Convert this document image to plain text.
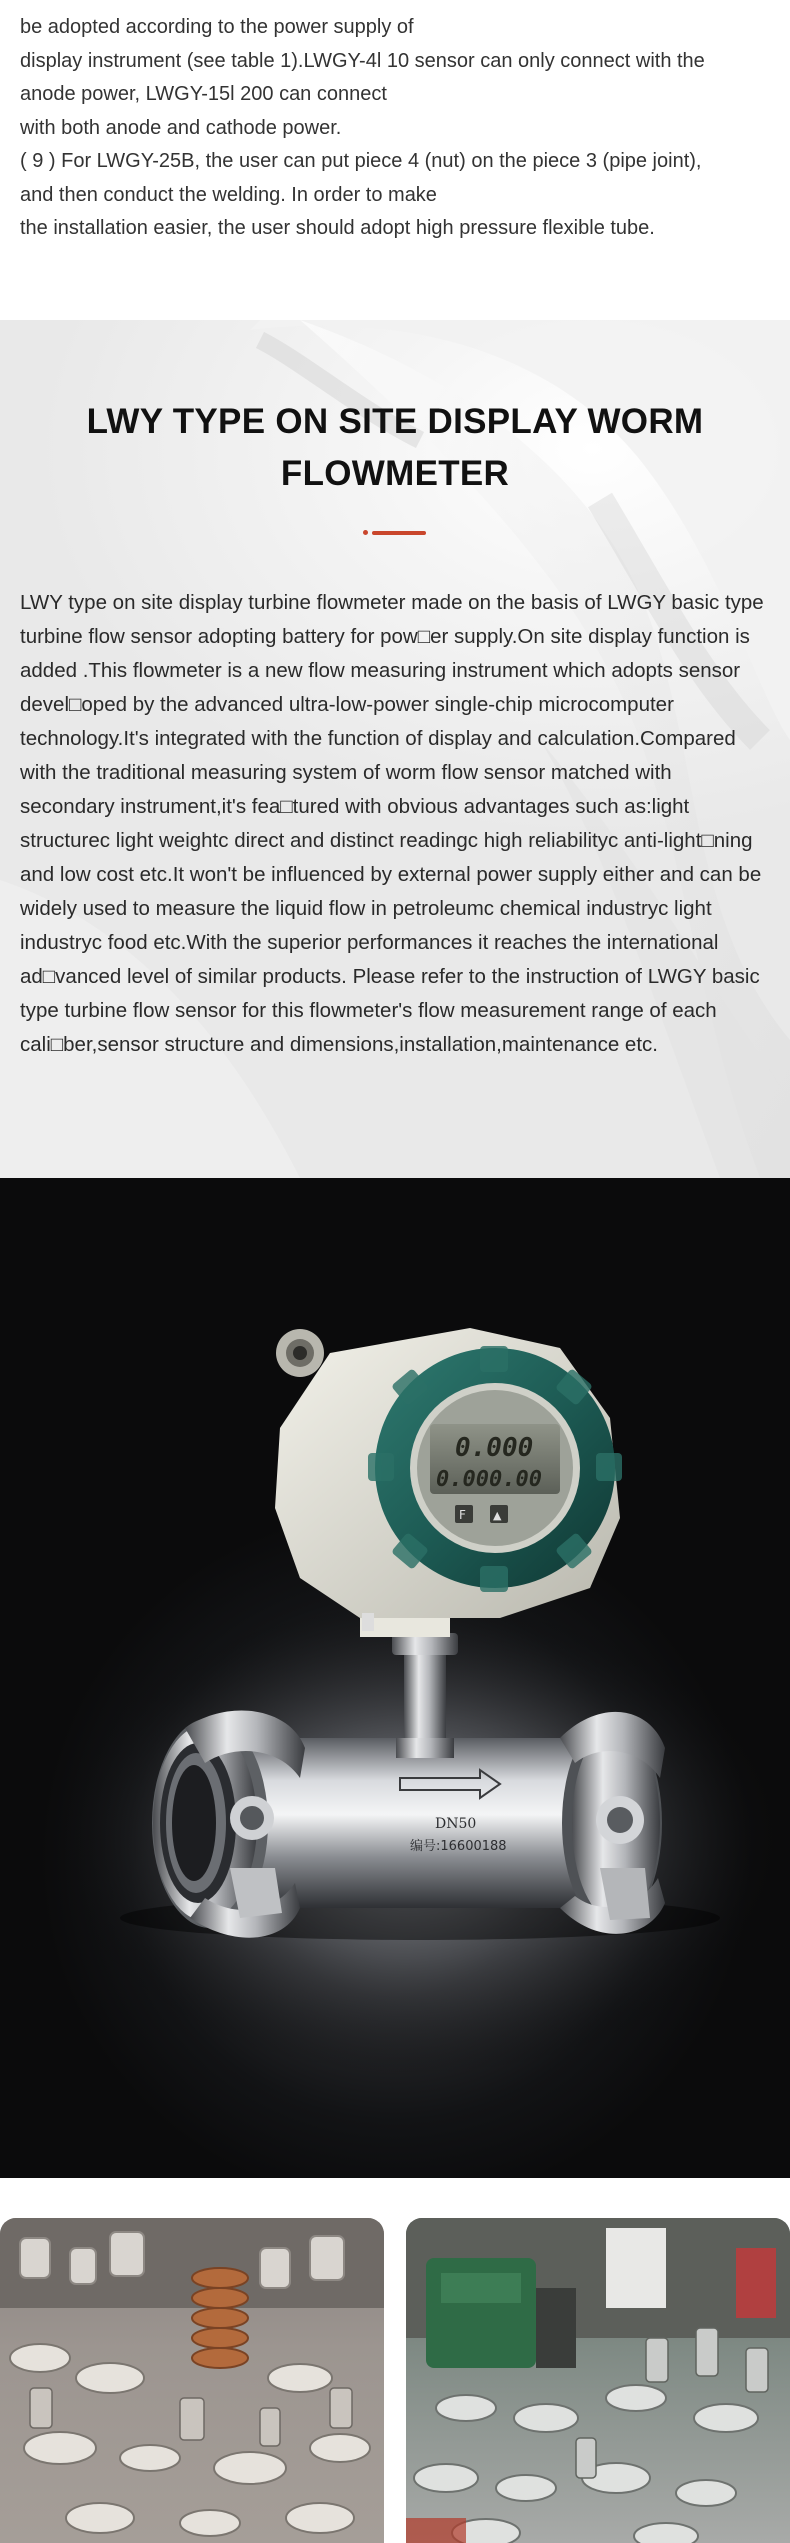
be adopted according to the power supply of

display instrument (see table 1).LWGY-4l 10 sensor can only connect with the

anode power, LWGY-15l 200 can connect

with both anode and cathode power.

( 9 ) For LWGY-25B, the user can put piece 4 (nut) on the piece 3 (pipe joint),

and then conduct the welding. In order to make

the installation easier, the user should adopt high pressure flexible tube.

LWY TYPE ON SITE DISPLAY WORM FLOWMETER

LWY type on site display turbine flowmeter made on the basis of LWGY basic type turbine flow sensor adopting battery for pow□er supply.On site display function is added .This flowmeter is a new flow measuring instrument which adopts sensor devel□oped by the advanced ultra-low-power single-chip microcomputer technology.It's integrated with the function of display and calculation.Compared with the traditional measuring system of worm flow sensor matched with secondary instrument,it's fea□tured with obvious advantages such as:light structurec light weightc direct and distinct readingc high reliabilityc anti-light□ning and low cost etc.It won't be influenced by external power supply either and can be widely used to measure the liquid flow in petroleumc chemical industryc light industryc food etc.With the superior performances it reaches the international ad□vanced level of similar products. Please refer to the instruction of LWGY basic type turbine flow sensor for this flowmeter's flow measurement range of each cali□ber,sensor structure and dimensions,installation,maintenance etc.

DN50
编号:16600188
0.000
0.000.00
F ▲
